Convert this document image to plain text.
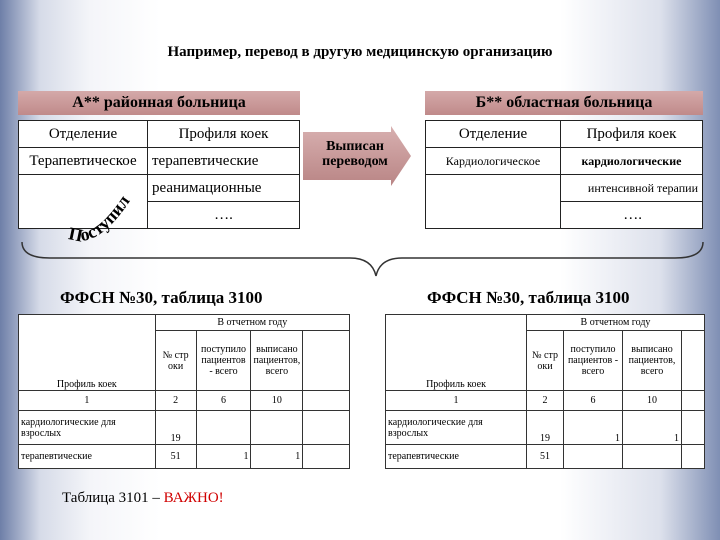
Например, перевод в другую медицинскую организацию
А** районная больница
Отделение	Профиля коек
Терапевтическое	терапевтические
	реанимационные
	….
Выписан
переводом
Б** областная больница
Отделение	Профиля коек
Кардиологическое	кардиологические
	интенсивной терапии
	….
Поступил
ФФСН №30, таблица 3100	ФФСН №30, таблица 3100
Профиль коек	В отчетном году			
	№ стр оки	поступило пациентов - всего	выписано пациентов, всего	
1	2	6	10	
кардиологические для взрослых	19			
терапевтические	51	1	1	
Профиль коек	В отчетном году			
	№ стр оки	поступило пациентов - всего	выписано пациентов, всего	
1	2	6	10	
кардиологические для взрослых	19	1	1	
терапевтические	51			
Таблица 3101 – ВАЖНО!
